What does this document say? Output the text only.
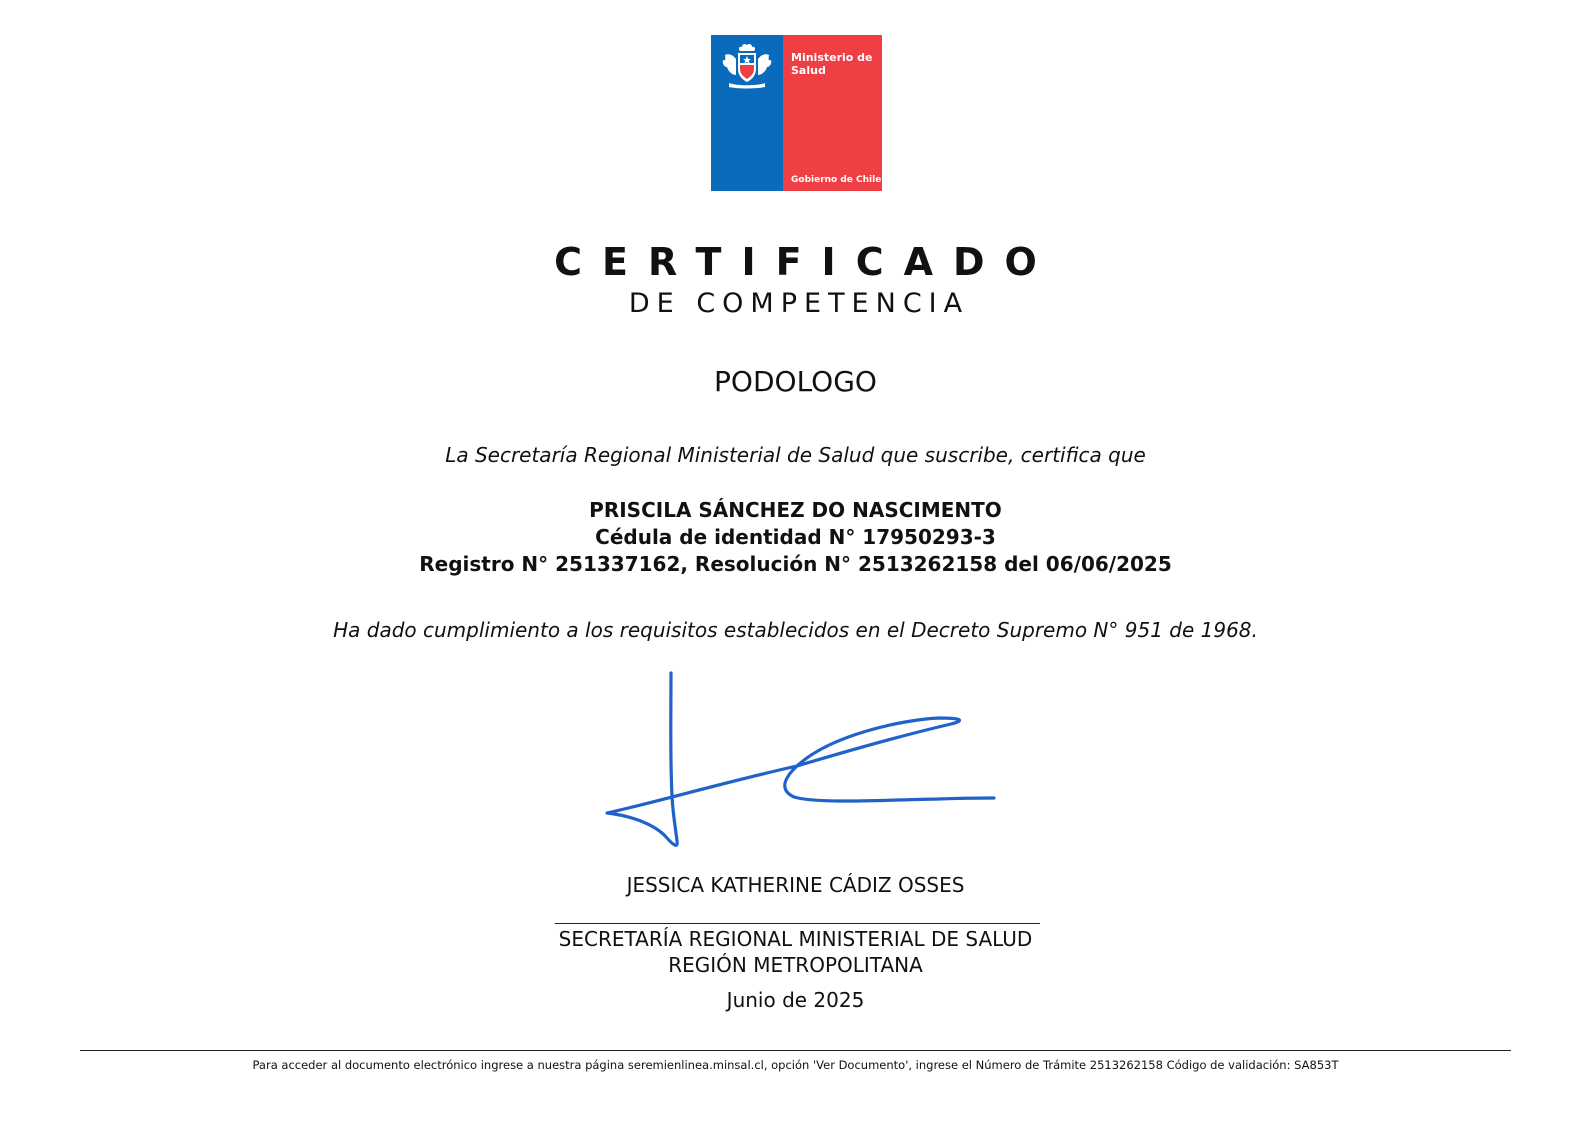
Ministerio de
Salud
Gobierno de Chile
CERTIFICADO
DE COMPETENCIA
PODOLOGO
La Secretaría Regional Ministerial de Salud que suscribe, certifica que
PRISCILA SÁNCHEZ DO NASCIMENTO
Cédula de identidad N° 17950293-3
Registro N° 251337162, Resolución N° 2513262158 del 06/06/2025
Ha dado cumplimiento a los requisitos establecidos en el Decreto Supremo N° 951 de 1968.
JESSICA KATHERINE CÁDIZ OSSES
SECRETARÍA REGIONAL MINISTERIAL DE SALUD
REGIÓN METROPOLITANA
Junio de 2025
Para acceder al documento electrónico ingrese a nuestra página seremienlinea.minsal.cl, opción 'Ver Documento', ingrese el Número de Trámite 2513262158 Código de validación: SA853T
